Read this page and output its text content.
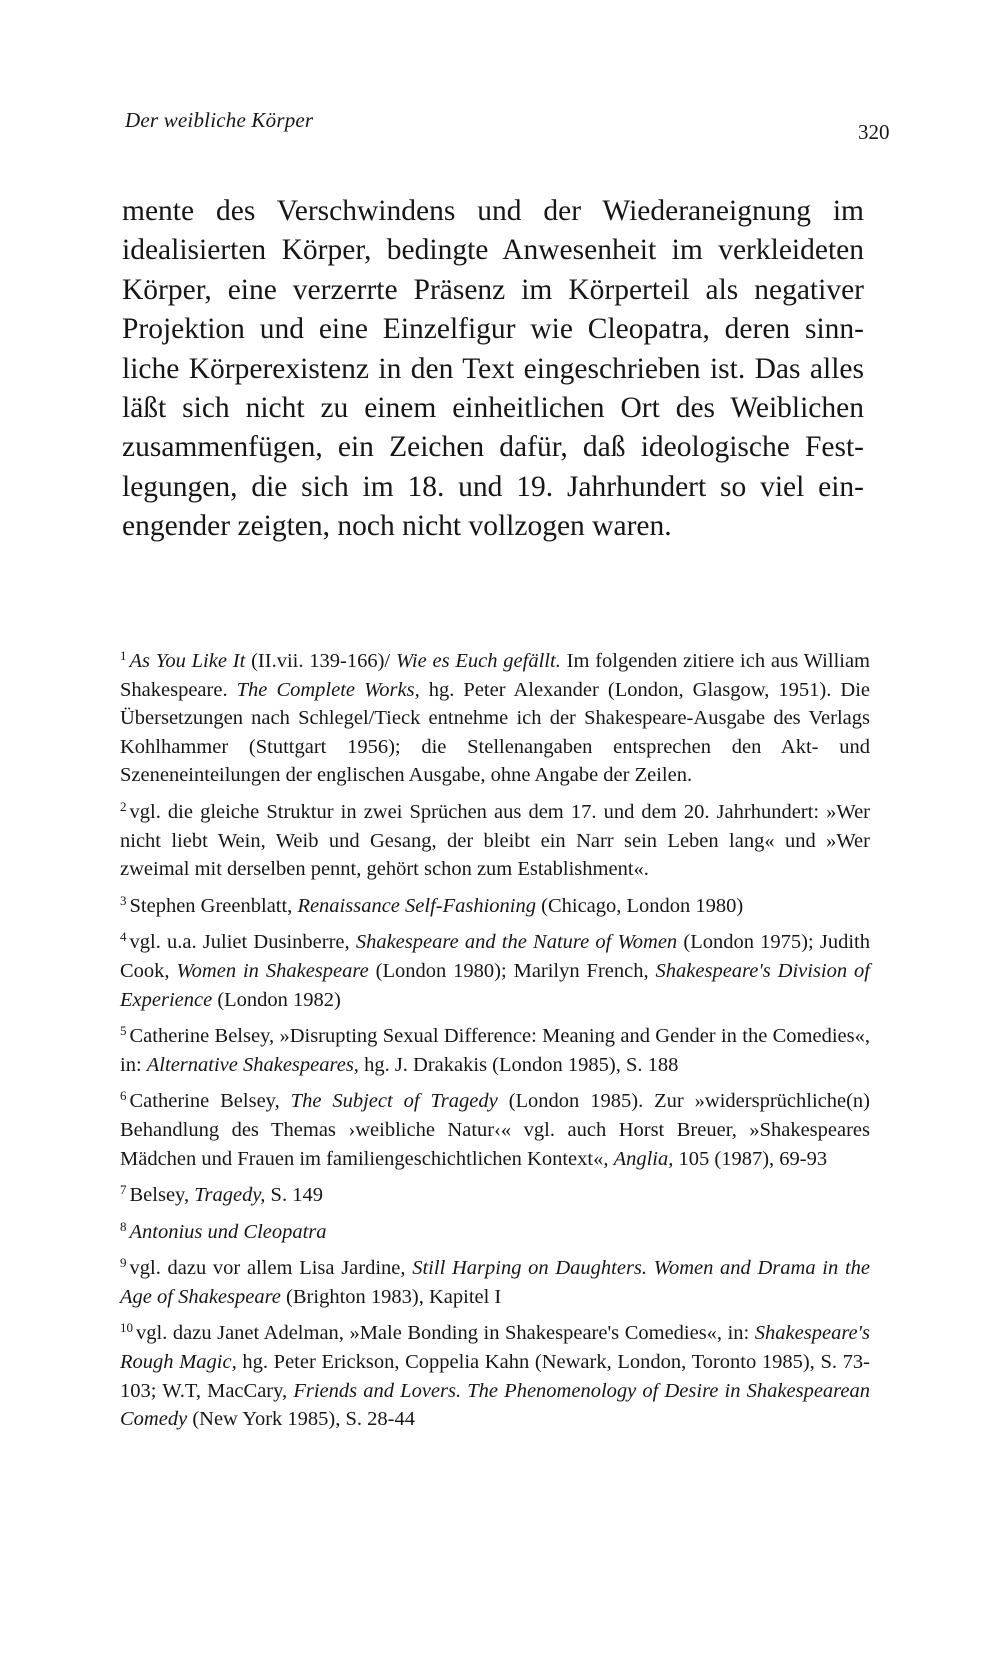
Der weibliche Körper	320
mente des Verschwindens und der Wiederaneignung im
idealisierten Körper, bedingte Anwesenheit im verkleideten
Körper, eine verzerrte Präsenz im Körperteil als negativer
Projektion und eine Einzelfigur wie Cleopatra, deren sinn-
liche Körperexistenz in den Text eingeschrieben ist. Das alles
läßt sich nicht zu einem einheitlichen Ort des Weiblichen
zusammenfügen, ein Zeichen dafür, daß ideologische Fest-
legungen, die sich im 18. und 19. Jahrhundert so viel ein-
engender zeigten, noch nicht vollzogen waren.

$^1$ As You Like It (II.vii. 139-166)/ Wie es Euch gefällt. Im folgenden zitiere ich aus William Shakespeare. The Complete Works, hg. Peter Alexander (London, Glasgow, 1951). Die Übersetzungen nach Schlegel/Tieck entnehme ich der Shakespeare-Ausgabe des Verlags Kohlhammer (Stuttgart 1956); die Stellenangaben entsprechen den Akt- und Szeneneinteilungen der englischen Ausgabe, ohne Angabe der Zeilen.

$^2$ vgl. die gleiche Struktur in zwei Sprüchen aus dem 17. und dem 20. Jahrhundert: »Wer nicht liebt Wein, Weib und Gesang, der bleibt ein Narr sein Leben lang« und »Wer zweimal mit derselben pennt, gehört schon zum Establishment«.

$^3$ Stephen Greenblatt, Renaissance Self-Fashioning (Chicago, London 1980)

$^4$ vgl. u.a. Juliet Dusinberre, Shakespeare and the Nature of Women (London 1975); Judith Cook, Women in Shakespeare (London 1980); Marilyn French, Shakespeare's Division of Experience (London 1982)

$^5$ Catherine Belsey, »Disrupting Sexual Difference: Meaning and Gender in the Comedies«, in: Alternative Shakespeares, hg. J. Drakakis (London 1985), S. 188

$^6$ Catherine Belsey, The Subject of Tragedy (London 1985). Zur »widersprüchliche(n) Behandlung des Themas ›weibliche Natur‹« vgl. auch Horst Breuer, »Shakespeares Mädchen und Frauen im familiengeschichtlichen Kontext«, Anglia, 105 (1987), 69-93

$^7$ Belsey, Tragedy, S. 149

$^8$ Antonius und Cleopatra

$^9$ vgl. dazu vor allem Lisa Jardine, Still Harping on Daughters. Women and Drama in the Age of Shakespeare (Brighton 1983), Kapitel I

$^{10}$ vgl. dazu Janet Adelman, »Male Bonding in Shakespeare's Comedies«, in: Shakespeare's Rough Magic, hg. Peter Erickson, Coppelia Kahn (Newark, London, Toronto 1985), S. 73-103; W.T, MacCary, Friends and Lovers. The Phenomenology of Desire in Shakespearean Comedy (New York 1985), S. 28-44
